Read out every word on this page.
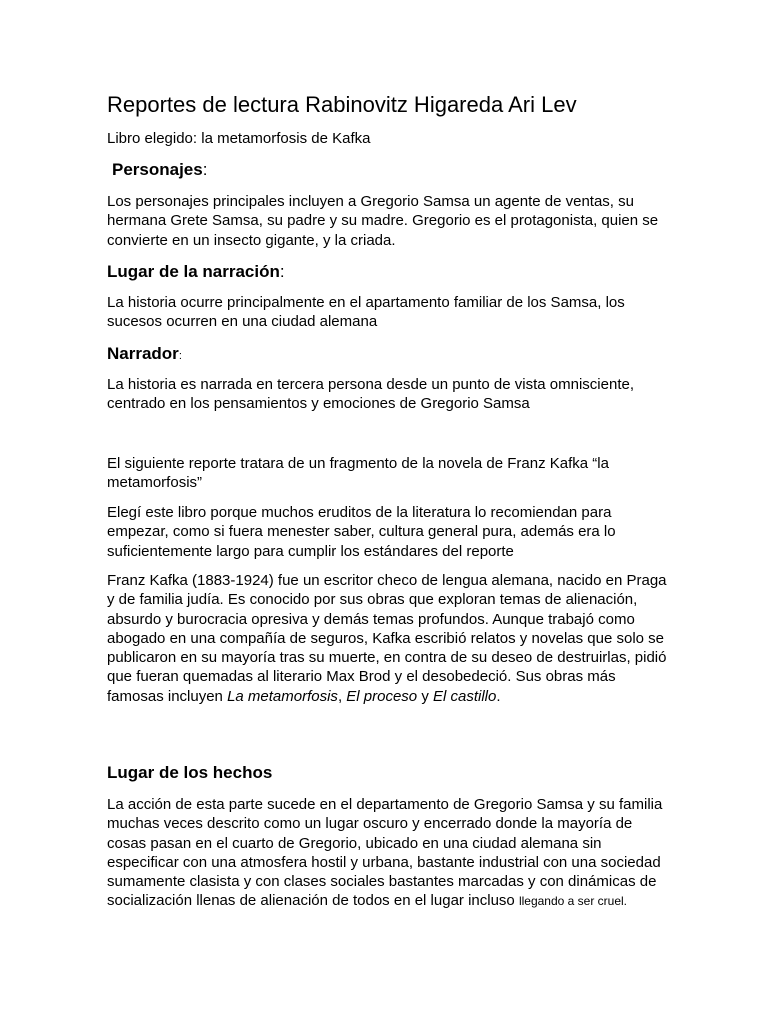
Reportes de lectura Rabinovitz Higareda Ari Lev

Libro elegido: la metamorfosis de Kafka

Personajes:

Los personajes principales incluyen a Gregorio Samsa un agente de ventas, su hermana Grete Samsa, su padre y su madre. Gregorio es el protagonista, quien se convierte en un insecto gigante, y la criada.

Lugar de la narración:

La historia ocurre principalmente en el apartamento familiar de los Samsa, los sucesos ocurren en una ciudad alemana

Narrador:

La historia es narrada en tercera persona desde un punto de vista omnisciente, centrado en los pensamientos y emociones de Gregorio Samsa

El siguiente reporte tratara de un fragmento de la novela de Franz Kafka “la metamorfosis”

Elegí este libro porque muchos eruditos de la literatura lo recomiendan para empezar, como si fuera menester saber, cultura general pura, además era lo suficientemente largo para cumplir los estándares del reporte

Franz Kafka (1883-1924) fue un escritor checo de lengua alemana, nacido en Praga y de familia judía. Es conocido por sus obras que exploran temas de alienación, absurdo y burocracia opresiva y demás temas profundos. Aunque trabajó como abogado en una compañía de seguros, Kafka escribió relatos y novelas que solo se publicaron en su mayoría tras su muerte, en contra de su deseo de destruirlas, pidió que fueran quemadas al literario Max Brod y el desobedeció. Sus obras más famosas incluyen La metamorfosis, El proceso y El castillo.

Lugar de los hechos

La acción de esta parte sucede en el departamento de Gregorio Samsa y su familia muchas veces descrito como un lugar oscuro y encerrado donde la mayoría de cosas pasan en el cuarto de Gregorio, ubicado en una ciudad alemana sin especificar con una atmosfera hostil y urbana, bastante industrial con una sociedad sumamente clasista y con clases sociales bastantes marcadas y con dinámicas de socialización llenas de alienación de todos en el lugar incluso llegando a ser cruel.
